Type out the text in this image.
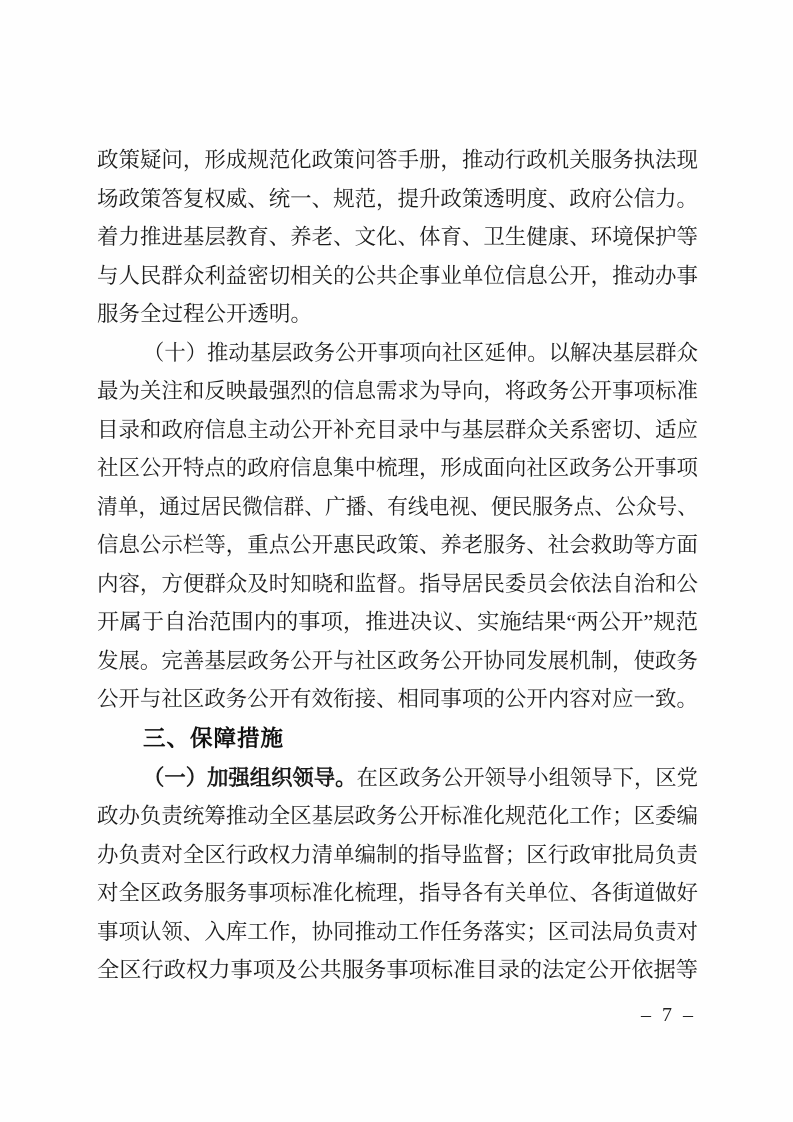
政策疑问，形成规范化政策问答手册，推动行政机关服务执法现
场政策答复权威、统一、规范，提升政策透明度、政府公信力。
着力推进基层教育、养老、文化、体育、卫生健康、环境保护等
与人民群众利益密切相关的公共企事业单位信息公开，推动办事
服务全过程公开透明。
（十）推动基层政务公开事项向社区延伸。以解决基层群众
最为关注和反映最强烈的信息需求为导向，将政务公开事项标准
目录和政府信息主动公开补充目录中与基层群众关系密切、适应
社区公开特点的政府信息集中梳理，形成面向社区政务公开事项
清单，通过居民微信群、广播、有线电视、便民服务点、公众号、
信息公示栏等，重点公开惠民政策、养老服务、社会救助等方面
内容，方便群众及时知晓和监督。指导居民委员会依法自治和公
开属于自治范围内的事项，推进决议、实施结果“两公开”规范
发展。完善基层政务公开与社区政务公开协同发展机制，使政务
公开与社区政务公开有效衔接、相同事项的公开内容对应一致。
三、保障措施
（一）加强组织领导。在区政务公开领导小组领导下，区党
政办负责统筹推动全区基层政务公开标准化规范化工作；区委编
办负责对全区行政权力清单编制的指导监督；区行政审批局负责
对全区政务服务事项标准化梳理，指导各有关单位、各街道做好
事项认领、入库工作，协同推动工作任务落实；区司法局负责对
全区行政权力事项及公共服务事项标准目录的法定公开依据等
– 7 –
